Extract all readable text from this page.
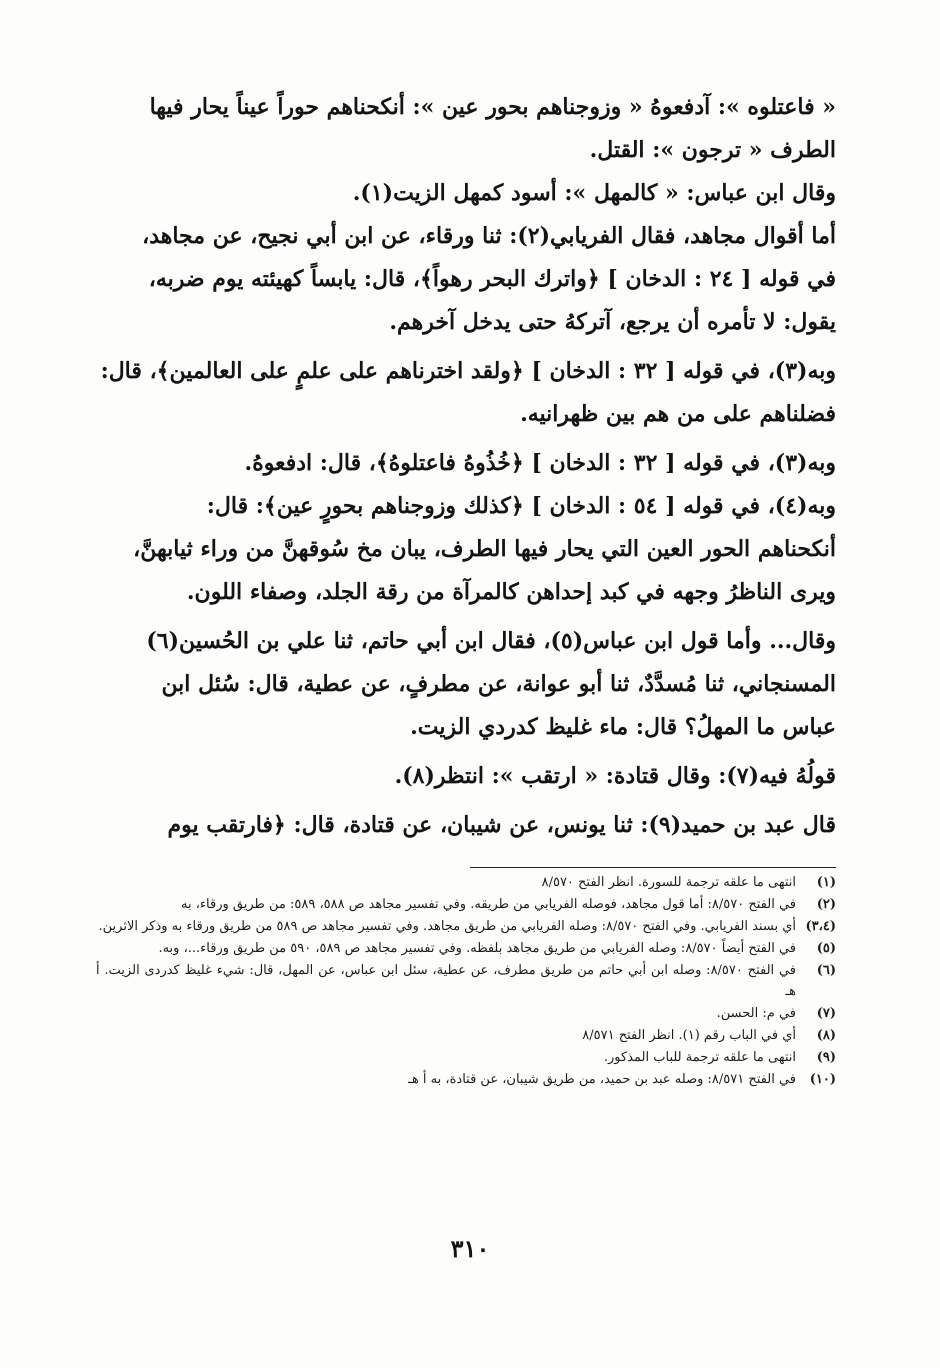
« فاعتلوه »: آدفعوهُ « وزوجناهم بحور عين »: أنكحناهم حوراً عيناً يحار فيها

الطرف « ترجون »: القتل.

وقال ابن عباس: « كالمهل »: أسود كمهل الزيت(١).

أما أقوال مجاهد، فقال الفريابي(٢): ثنا ورقاء، عن ابن أبي نجيح، عن مجاهد،

في قوله [ ٢٤ : الدخان ] ﴿واترك البحر رهواً﴾، قال: يابساً كهيئته يوم ضربه،

يقول: لا تأمره أن يرجع، آتركهُ حتى يدخل آخرهم.

وبه(٣)، في قوله [ ٣٢ : الدخان ] ﴿ولقد اخترناهم على علمٍ على العالمين﴾، قال:

فضلناهم على من هم بين ظهرانيه.

وبه(٣)، في قوله [ ٣٢ : الدخان ] ﴿خُذُوهُ فاعتلوهُ﴾، قال: ادفعوهُ.

وبه(٤)، في قوله [ ٥٤ : الدخان ] ﴿كذلك وزوجناهم بحورٍ عين﴾: قال:

أنكحناهم الحور العين التي يحار فيها الطرف، يبان مخ سُوقهنَّ من وراء ثيابهنَّ،

ويرى الناظرُ وجهه في كبد إحداهن كالمرآة من رقة الجلد، وصفاء اللون.

وقال... وأما قول ابن عباس(٥)، فقال ابن أبي حاتم، ثنا علي بن الحُسين(٦)

المسنجاني، ثنا مُسدَّدٌ، ثنا أبو عوانة، عن مطرفٍ، عن عطية، قال: سُئل ابن

عباس ما المهلُ؟ قال: ماء غليظ كدردي الزيت.

قولُهُ فيه(٧): وقال قتادة: « ارتقب »: انتظر(٨).

قال عبد بن حميد(٩): ثنا يونس، عن شيبان، عن قتادة، قال: ﴿فارتقب يوم

(١)
انتهى ما علقه ترجمة للسورة. انظر الفتح ٨/٥٧٠
(٢)
في الفتح ٨/٥٧٠: أما قول مجاهد، فوصله الفريابي من طريقه. وفي تفسير مجاهد ص ٥٨٨، ٥٨٩: من طريق ورقاء، به
(٣،٤)
أي بسند الفريابي. وفي الفتح ٨/٥٧٠: وصله الفريابي من طريق مجاهد. وفي تفسير مجاهد ص ٥٨٩ من طريق ورقاء به وذكر الاثرين.
(٥)
في الفتح أيضاً ٨/٥٧٠: وصله الفريابي من طريق مجاهد بلفظه. وفي تفسير مجاهد ص ٥٨٩، ٥٩٠ من طريق ورقاء...، وبه.
(٦)
في الفتح ٨/٥٧٠: وصله ابن أبي حاتم من طريق مطرف، عن عطية، سئل ابن عباس، عن المهل، قال: شيء غليظ كدردى الزيت. أ هـ
(٧)
في م: الحسن.
(٨)
أي في الباب رقم (١). انظر الفتح ٨/٥٧١
(٩)
انتهى ما علقه ترجمة للباب المذكور.
(١٠)
في الفتح ٨/٥٧١: وصله عبد بن حميد، من طريق شيبان، عن قتادة، به أ هـ
٣١٠
